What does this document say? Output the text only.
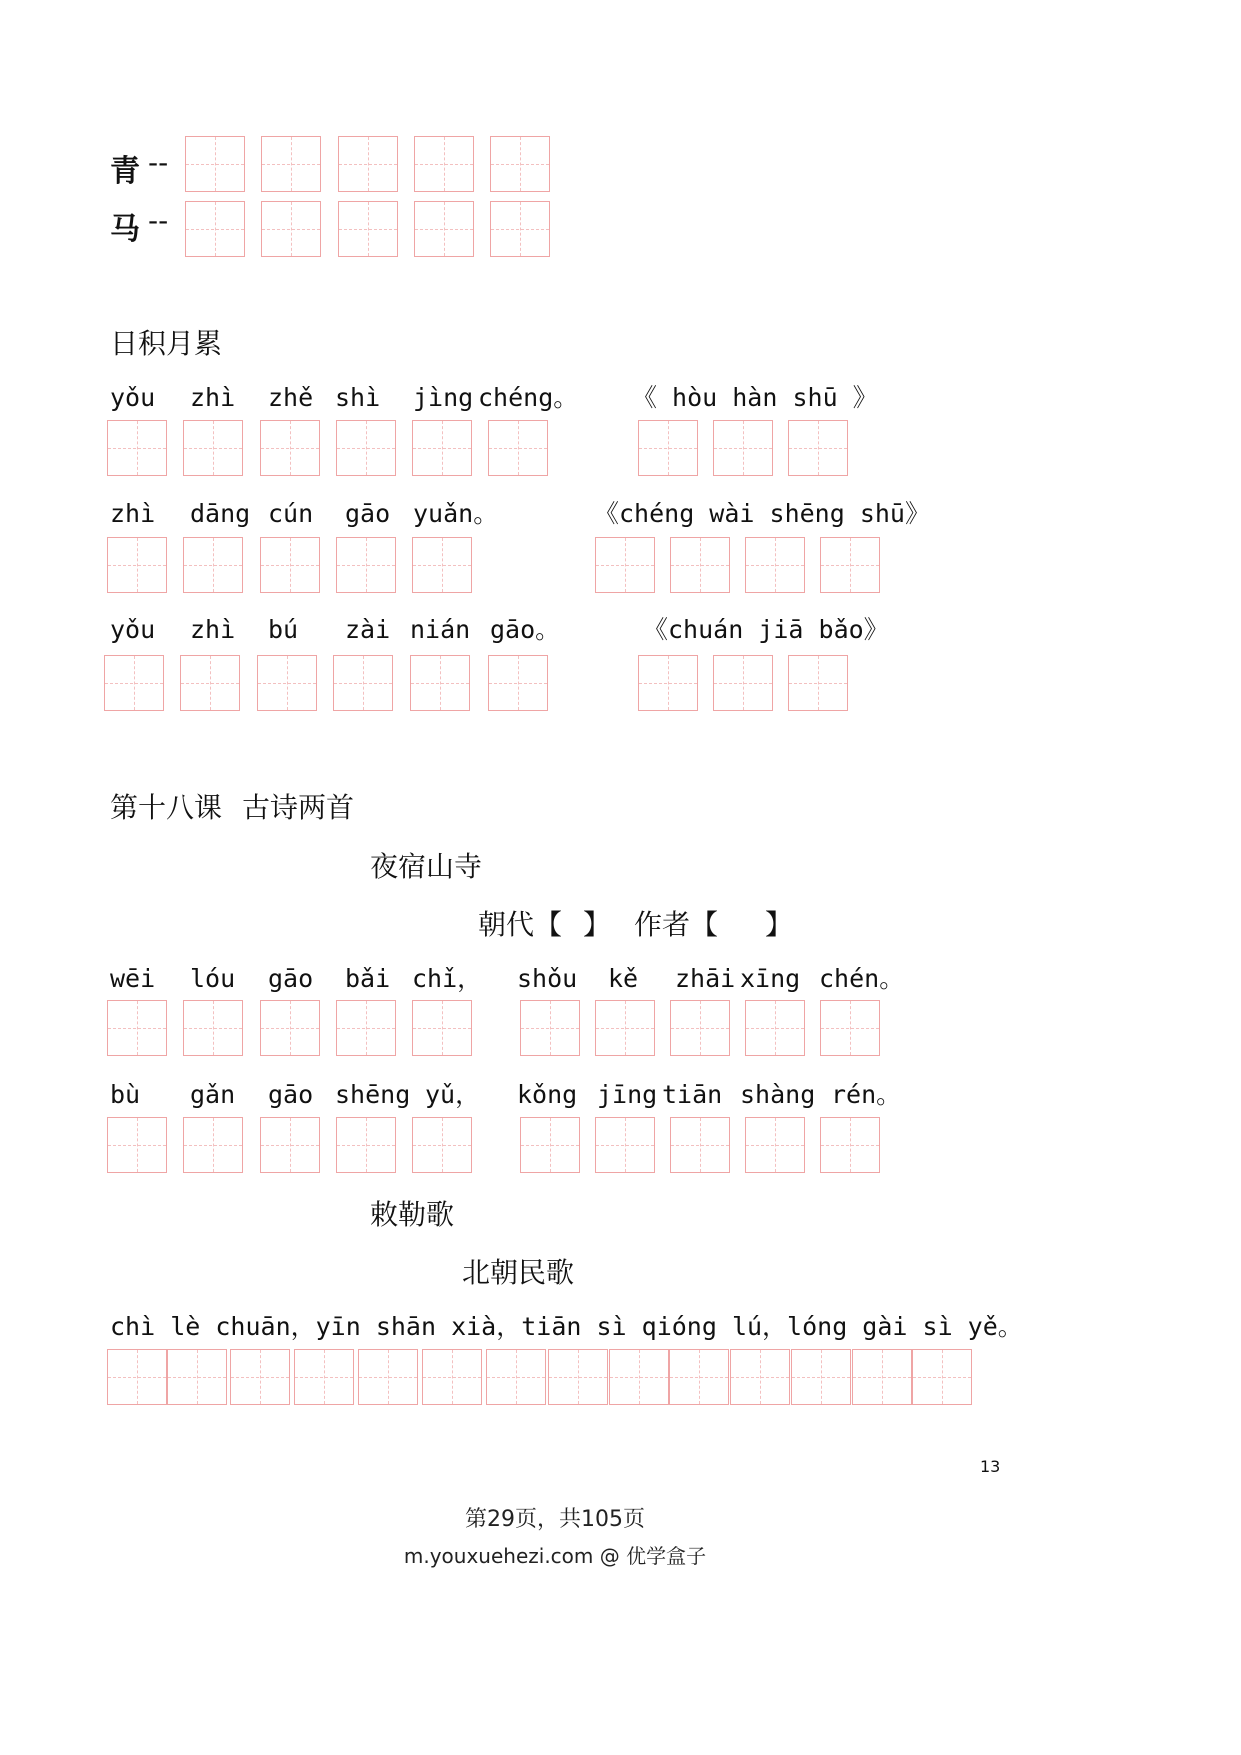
青 --
马 --
日积月累
yǒu zhì zhě shì jìng chéng。 《 hòu hàn shū 》
zhì dāng cún gāo yuǎn。	《chéng wài shēng shū》
yǒu zhì bú zài nián gāo。	《chuán jiā bǎo》
第十八课 古诗两首
夜宿山寺
朝代【 】 作者【 】
wēi lóu gāo bǎi chǐ， shǒu kě zhāi xīng chén。
bù gǎn gāo shēng yǔ， kǒng jīng tiān shàng rén。
敕勒歌
北朝民歌
chì lè chuān，yīn shān xià，tiān sì qióng lú，lóng gài sì yě。
13
第29页，共105页
m.youxuehezi.com @ 优学盒子
